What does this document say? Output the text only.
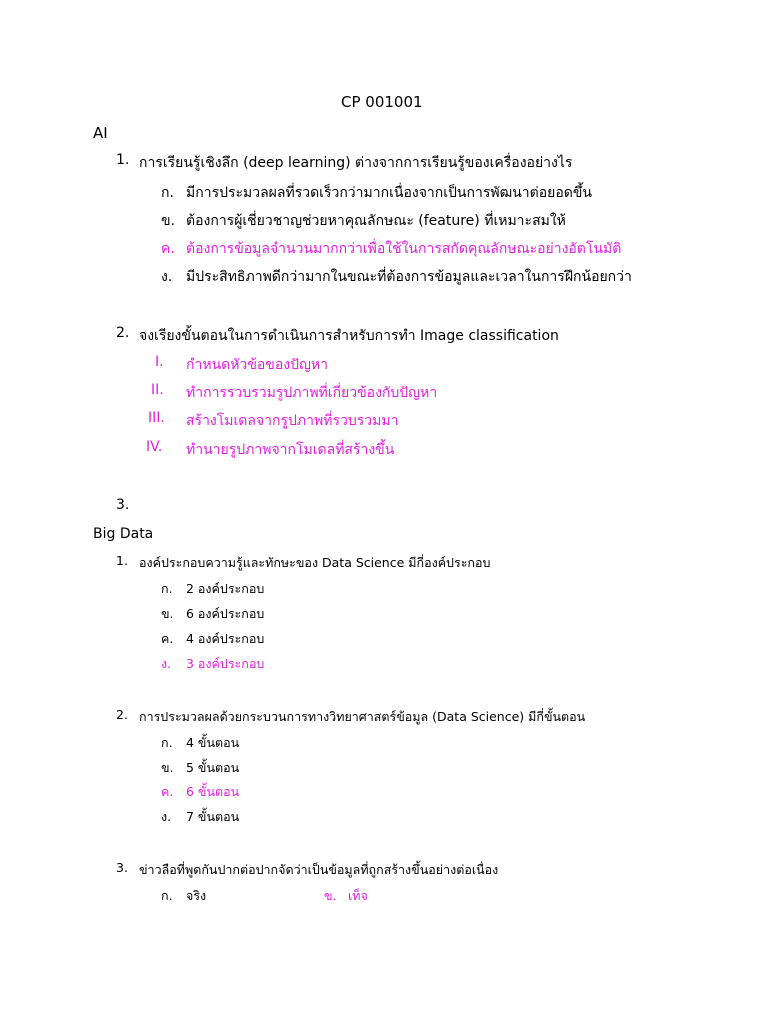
CP 001001
AI
1. การเรียนรู้เชิงลึก (deep learning) ต่างจากการเรียนรู้ของเครื่องอย่างไร
ก. มีการประมวลผลที่รวดเร็วกว่ามากเนื่องจากเป็นการพัฒนาต่อยอดขึ้น
ข. ต้องการผู้เชี่ยวชาญช่วยหาคุณลักษณะ (feature) ที่เหมาะสมให้
ค. ต้องการข้อมูลจำนวนมากกว่าเพื่อใช้ในการสกัดคุณลักษณะอย่างอัตโนมัติ
ง. มีประสิทธิภาพดีกว่ามากในขณะที่ต้องการข้อมูลและเวลาในการฝึกน้อยกว่า
2. จงเรียงขั้นตอนในการดำเนินการสำหรับการทำ Image classification
I. กำหนดหัวข้อของปัญหา
II. ทำการรวบรวมรูปภาพที่เกี่ยวข้องกับปัญหา
III. สร้างโมเดลจากรูปภาพที่รวบรวมมา
IV. ทำนายรูปภาพจากโมเดลที่สร้างขึ้น
3.
Big Data
1. องค์ประกอบความรู้และทักษะของ Data Science มีกี่องค์ประกอบ
ก. 2 องค์ประกอบ
ข. 6 องค์ประกอบ
ค. 4 องค์ประกอบ
ง. 3 องค์ประกอบ
2. การประมวลผลด้วยกระบวนการทางวิทยาศาสตร์ข้อมูล (Data Science) มีกี่ขั้นตอน
ก. 4 ขั้นตอน
ข. 5 ขั้นตอน
ค. 6 ขั้นตอน
ง. 7 ขั้นตอน
3. ข่าวลือที่พูดกันปากต่อปากจัดว่าเป็นข้อมูลที่ถูกสร้างขึ้นอย่างต่อเนื่อง
ก. จริง	ข. เท็จ
